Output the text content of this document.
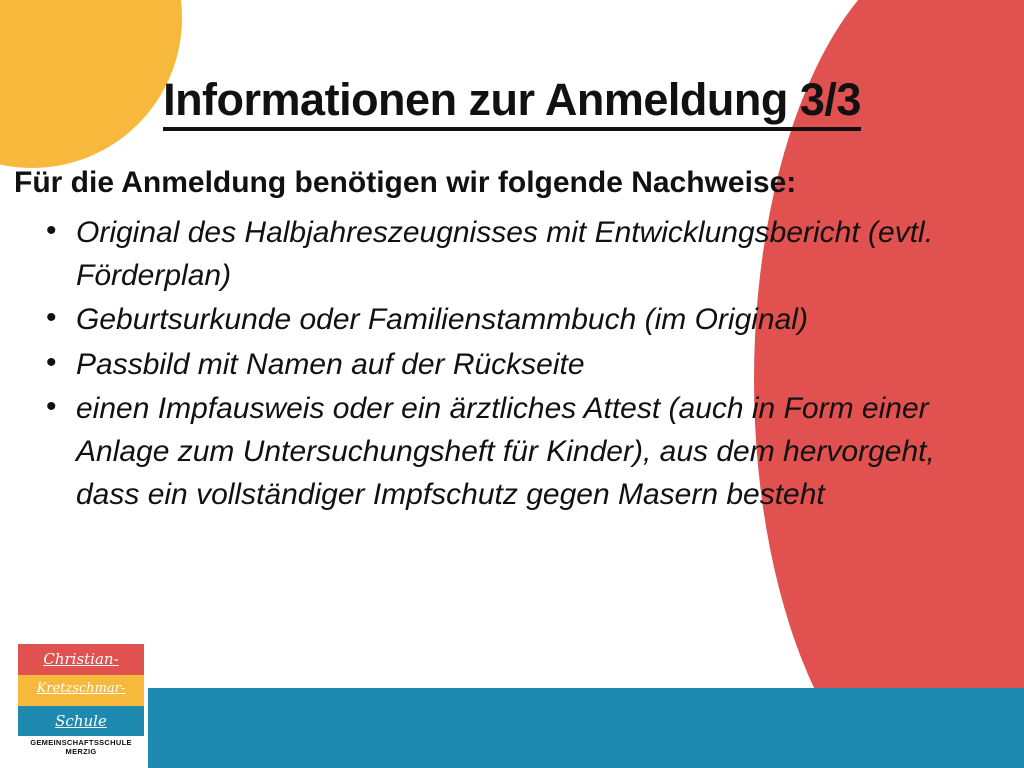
Informationen zur Anmeldung 3/3
Für die Anmeldung benötigen wir folgende Nachweise:
• Original des Halbjahreszeugnisses mit Entwicklungsbericht (evtl. Förderplan)
• Geburtsurkunde oder Familienstammbuch (im Original)
• Passbild mit Namen auf der Rückseite
• einen Impfausweis oder ein ärztliches Attest (auch in Form einer Anlage zum Untersuchungsheft für Kinder), aus dem hervorgeht, dass ein vollständiger Impfschutz gegen Masern besteht
Christian-
Kretzschmar-
Schule
GEMEINSCHAFTSSCHULE MERZIG
